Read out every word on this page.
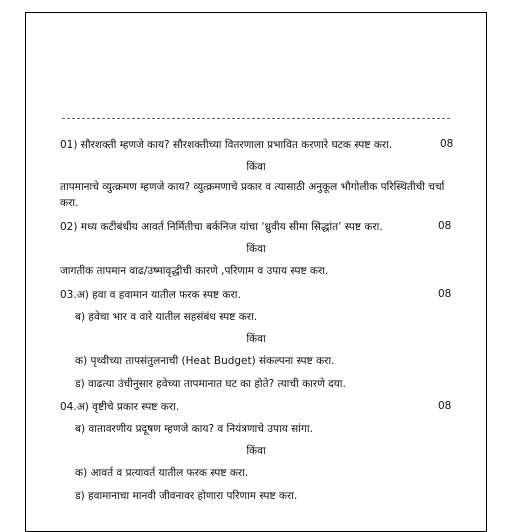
01) सौरशक्ती म्हणजे काय? सौरशक्तीच्या वितरणाला प्रभावित करणारे घटक स्पष्ट करा.	08
किंवा
तापमानाचे व्युत्क्रमण म्हणजे काय? व्युत्क्रमणाचे प्रकार व त्यासाठी अनुकूल भौगोलीक परिस्थितीची चर्चा करा.
02) मध्य कटीबंधीय आवर्त निर्मितीचा बर्कनिज यांचा ‘ध्रुवीय सीमा सिद्धांत’ स्पष्ट करा.	08
किंवा
जागतीक तापमान वाढ/उष्मावृद्धीची कारणे ,परिणाम व उपाय स्पष्ट करा.
03.अ) हवा व हवामान यातील फरक स्पष्ट करा.	08
ब) हवेचा भार व वारे यातील सहसंबंध स्पष्ट करा.
किंवा
क) पृथ्वीच्या तापसंतुलनाची (Heat Budget) संकल्पना स्पष्ट करा.
ड) वाढत्या उंचीनुसार हवेच्या तापमानात घट का होते? त्याची कारणे दया.
04.अ) वृष्टीचे प्रकार स्पष्ट करा.	08
ब) वातावरणीय प्रदूषण म्हणजे काय? व नियंत्रणाचे उपाय सांगा.
किंवा
क) आवर्त व प्रत्यावर्त यातील फरक स्पष्ट करा.
ड) हवामानाचा मानवी जीवनावर होणारा परिणाम स्पष्ट करा.
